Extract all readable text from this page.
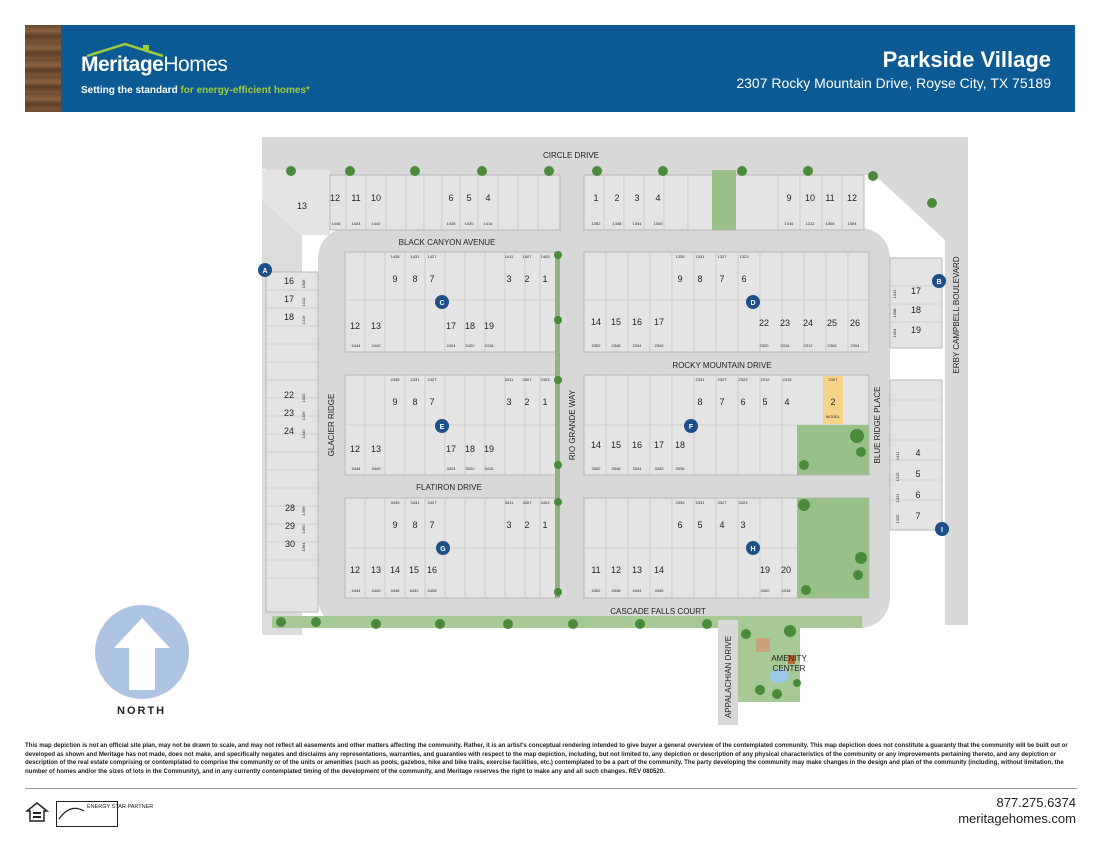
MeritageHomes
Setting the standard for energy-efficient homes*
Parkside Village
2307 Rocky Mountain Drive, Royse City, TX 75189
CIRCLE DRIVE
BLACK CANYON AVENUE
ROCKY MOUNTAIN DRIVE
FLATIRON DRIVE
CASCADE FALLS COURT
GLACIER RIDGE	RIO GRANDE WAY	BLUE RIDGE PLACE
ERBY CAMPBELL BOULEVARD
APPALACHIAN DRIVE
A
B
C	D
E	F
G	H
I
AMENITY
CENTER
MODEL
13
12
1448
11
1444
10
1440
6
1428
5
1420
4
1416
1
1352
2
1348
3
1344
4
1340
9
1316
10
1312
11
1308
12
1304
16 1308
17 1312
18 1316
22 1332
23 1336
24 1340
28 1356
29 1360
30 1364
9
1435
8
1431
7
1427
3
1411
2
1407
1
1403
12
2444
13
2440
17
2424
18
2420
19
2416
9
1335
8
1331
7
1327
6
1323
14
2352
15
2348
16
2344
17
2340
22
2320
23
2316
24
2312
25
2308
26
2304
17
1312
18
1308
19
1304
9
2435
8
2431
7
2427
3
2411
2
2407
1
2403
12
3444
13
3440
17
3424
18
3420
19
3416
8
2331
7
2327
6
2323
5
2319
4
2315
2
2307
14
3352
15
3348
16
3344
17
3340
18
3336
4
1411
5
1315
6
1321
7
1325
9
3435
8
3431
7
3427
3
3411
2
3407
1
3403
12
4444
13
4440
14
4436
15
4432
16
4428
6
3335
5
3331
4
3327
3
3323
11
4352
12
4348
13
4344
14
4340
19
4320
20
4316
NORTH
This map depiction is not an official site plan, may not be drawn to scale, and may not reflect all easements and other matters affecting the community. Rather, it is an artist's conceptual rendering intended to give buyer a general overview of the contemplated community. This map depiction does not constitute a guaranty that the community will be built out or developed as shown and Meritage has not made, does not make, and specifically negates and disclaims any representations, warranties, and guaranties with respect to the map depiction, including, but not limited to, any depiction or description of any physical characteristics of the community or any improvements pertaining thereto, and any depiction or description of the real estate comprising or contemplated to comprise the community or of the units or amenities (such as pools, gazebos, hike and bike trails, exercise facilities, etc.) contemplated to be a part of the community. The party developing the community may make changes in the design and plan of the community (including, without limitation, the number of homes and/or the sizes of lots in the Community), and in any currently contemplated timing of the development of the community, and Meritage reserves the right to make any and all such changes. REV 080520.
ENERGY STAR PARTNER	877.275.6374
meritagehomes.com
